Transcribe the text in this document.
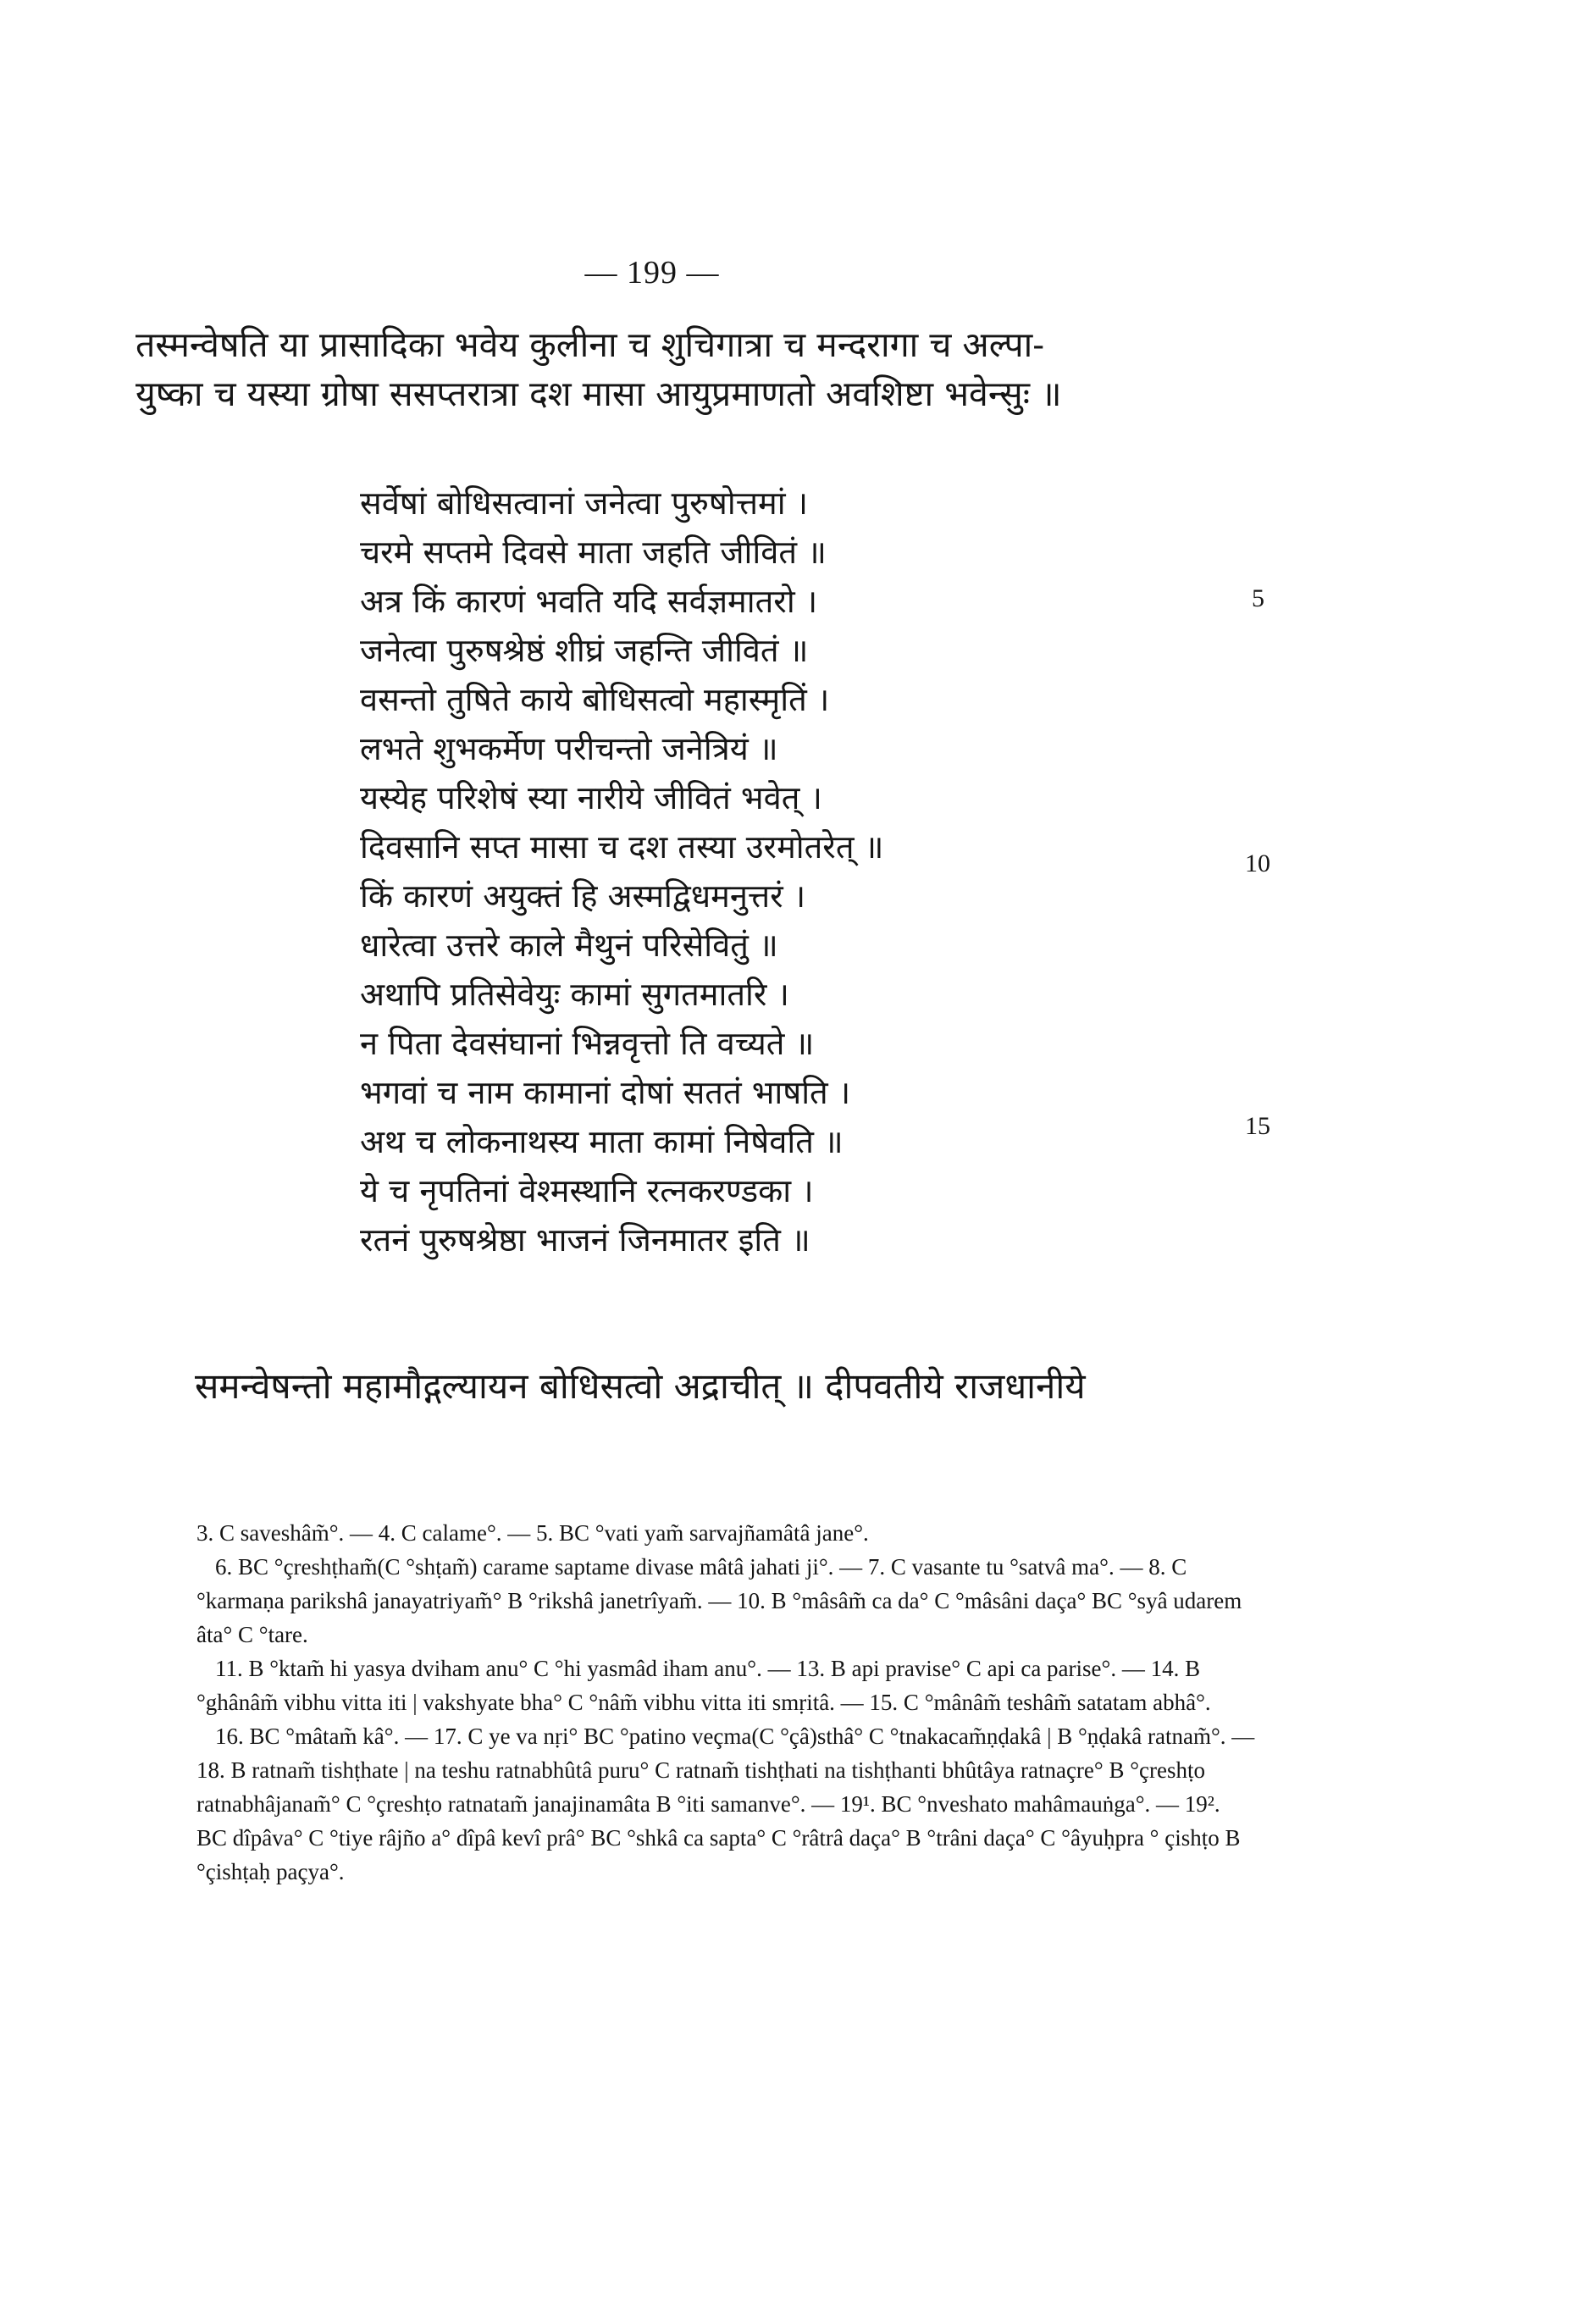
— 199 —
तस्मन्वेषति या प्रासादिका भवेय कुलीना च शुचिगात्रा च मन्दरागा च अल्पा-
युष्का च यस्या ग्रोषा ससप्तरात्रा दश मासा आयुप्रमाणतो अवशिष्टा भवेन्सुः ॥
सर्वेषां बोधिसत्वानां जनेत्वा पुरुषोत्तमां ।
चरमे सप्तमे दिवसे माता जहति जीवितं ॥
अत्र किं कारणं भवति यदि सर्वज्ञमातरो ।
जनेत्वा पुरुषश्रेष्ठं शीघ्रं जहन्ति जीवितं ॥
वसन्तो तुषिते काये बोधिसत्वो महास्मृतिं ।
लभते शुभकर्मेण परीचन्तो जनेत्रियं ॥
यस्येह परिशेषं स्या नारीये जीवितं भवेत् ।
दिवसानि सप्त मासा च दश तस्या उरमोतरेत् ॥
किं कारणं अयुक्तं हि अस्मद्विधमनुत्तरं ।
धारेत्वा उत्तरे काले मैथुनं परिसेवितुं ॥
अथापि प्रतिसेवेयुः कामां सुगतमातरि ।
न पिता देवसंघानां भिन्नवृत्तो ति वच्यते ॥
भगवां च नाम कामानां दोषां सततं भाषति ।
अथ च लोकनाथस्य माता कामां निषेवति ॥
ये च नृपतिनां वेश्मस्थानि रत्नकरण्डका ।
रतनं पुरुषश्रेष्ठा भाजनं जिनमातर इति ॥
5
10
15
समन्वेषन्तो महामौद्गल्यायन बोधिसत्वो अद्राचीत् ॥ दीपवतीये राजधानीये

3. C saveshâm̃°. — 4. C calame°. — 5. BC °vati yam̃ sarvajñamâtâ jane°.

6. BC °çreshṭham̃(C °shṭam̃) carame saptame divase mâtâ jahati ji°. — 7. C vasante tu °satvâ ma°. — 8. C °karmaṇa parikshâ janayatriyam̃° B °rikshâ janetrîyam̃. — 10. B °mâsâm̃ ca da° C °mâsâni daça° BC °syâ udarem âta° C °tare.

11. B °ktam̃ hi yasya dviham anu° C °hi yasmâd iham anu°. — 13. B api pravise° C api ca parise°. — 14. B °ghânâm̃ vibhu vitta iti | vakshyate bha° C °nâm̃ vibhu vitta iti smṛitâ. — 15. C °mânâm̃ teshâm̃ satatam abhâ°.

16. BC °mâtam̃ kâ°. — 17. C ye va nṛi° BC °patino veçma(C °çâ)sthâ° C °tnakacam̃ṇḍakâ | B °ṇḍakâ ratnam̃°. — 18. B ratnam̃ tishṭhate | na teshu ratnabhûtâ puru° C ratnam̃ tishṭhati na tishṭhanti bhûtâya ratnaçre° B °çreshṭo ratnabhâjanam̃° C °çreshṭo ratnatam̃ janajinamâta B °iti samanve°. — 19¹. BC °nveshato mahâmauṅga°. — 19². BC dîpâva° C °tiye râjño a° dîpâ kevî prâ° BC °shkâ ca sapta° C °râtrâ daça° B °trâni daça° C °âyuḥpra ° çishṭo B °çishṭaḥ paçya°.
